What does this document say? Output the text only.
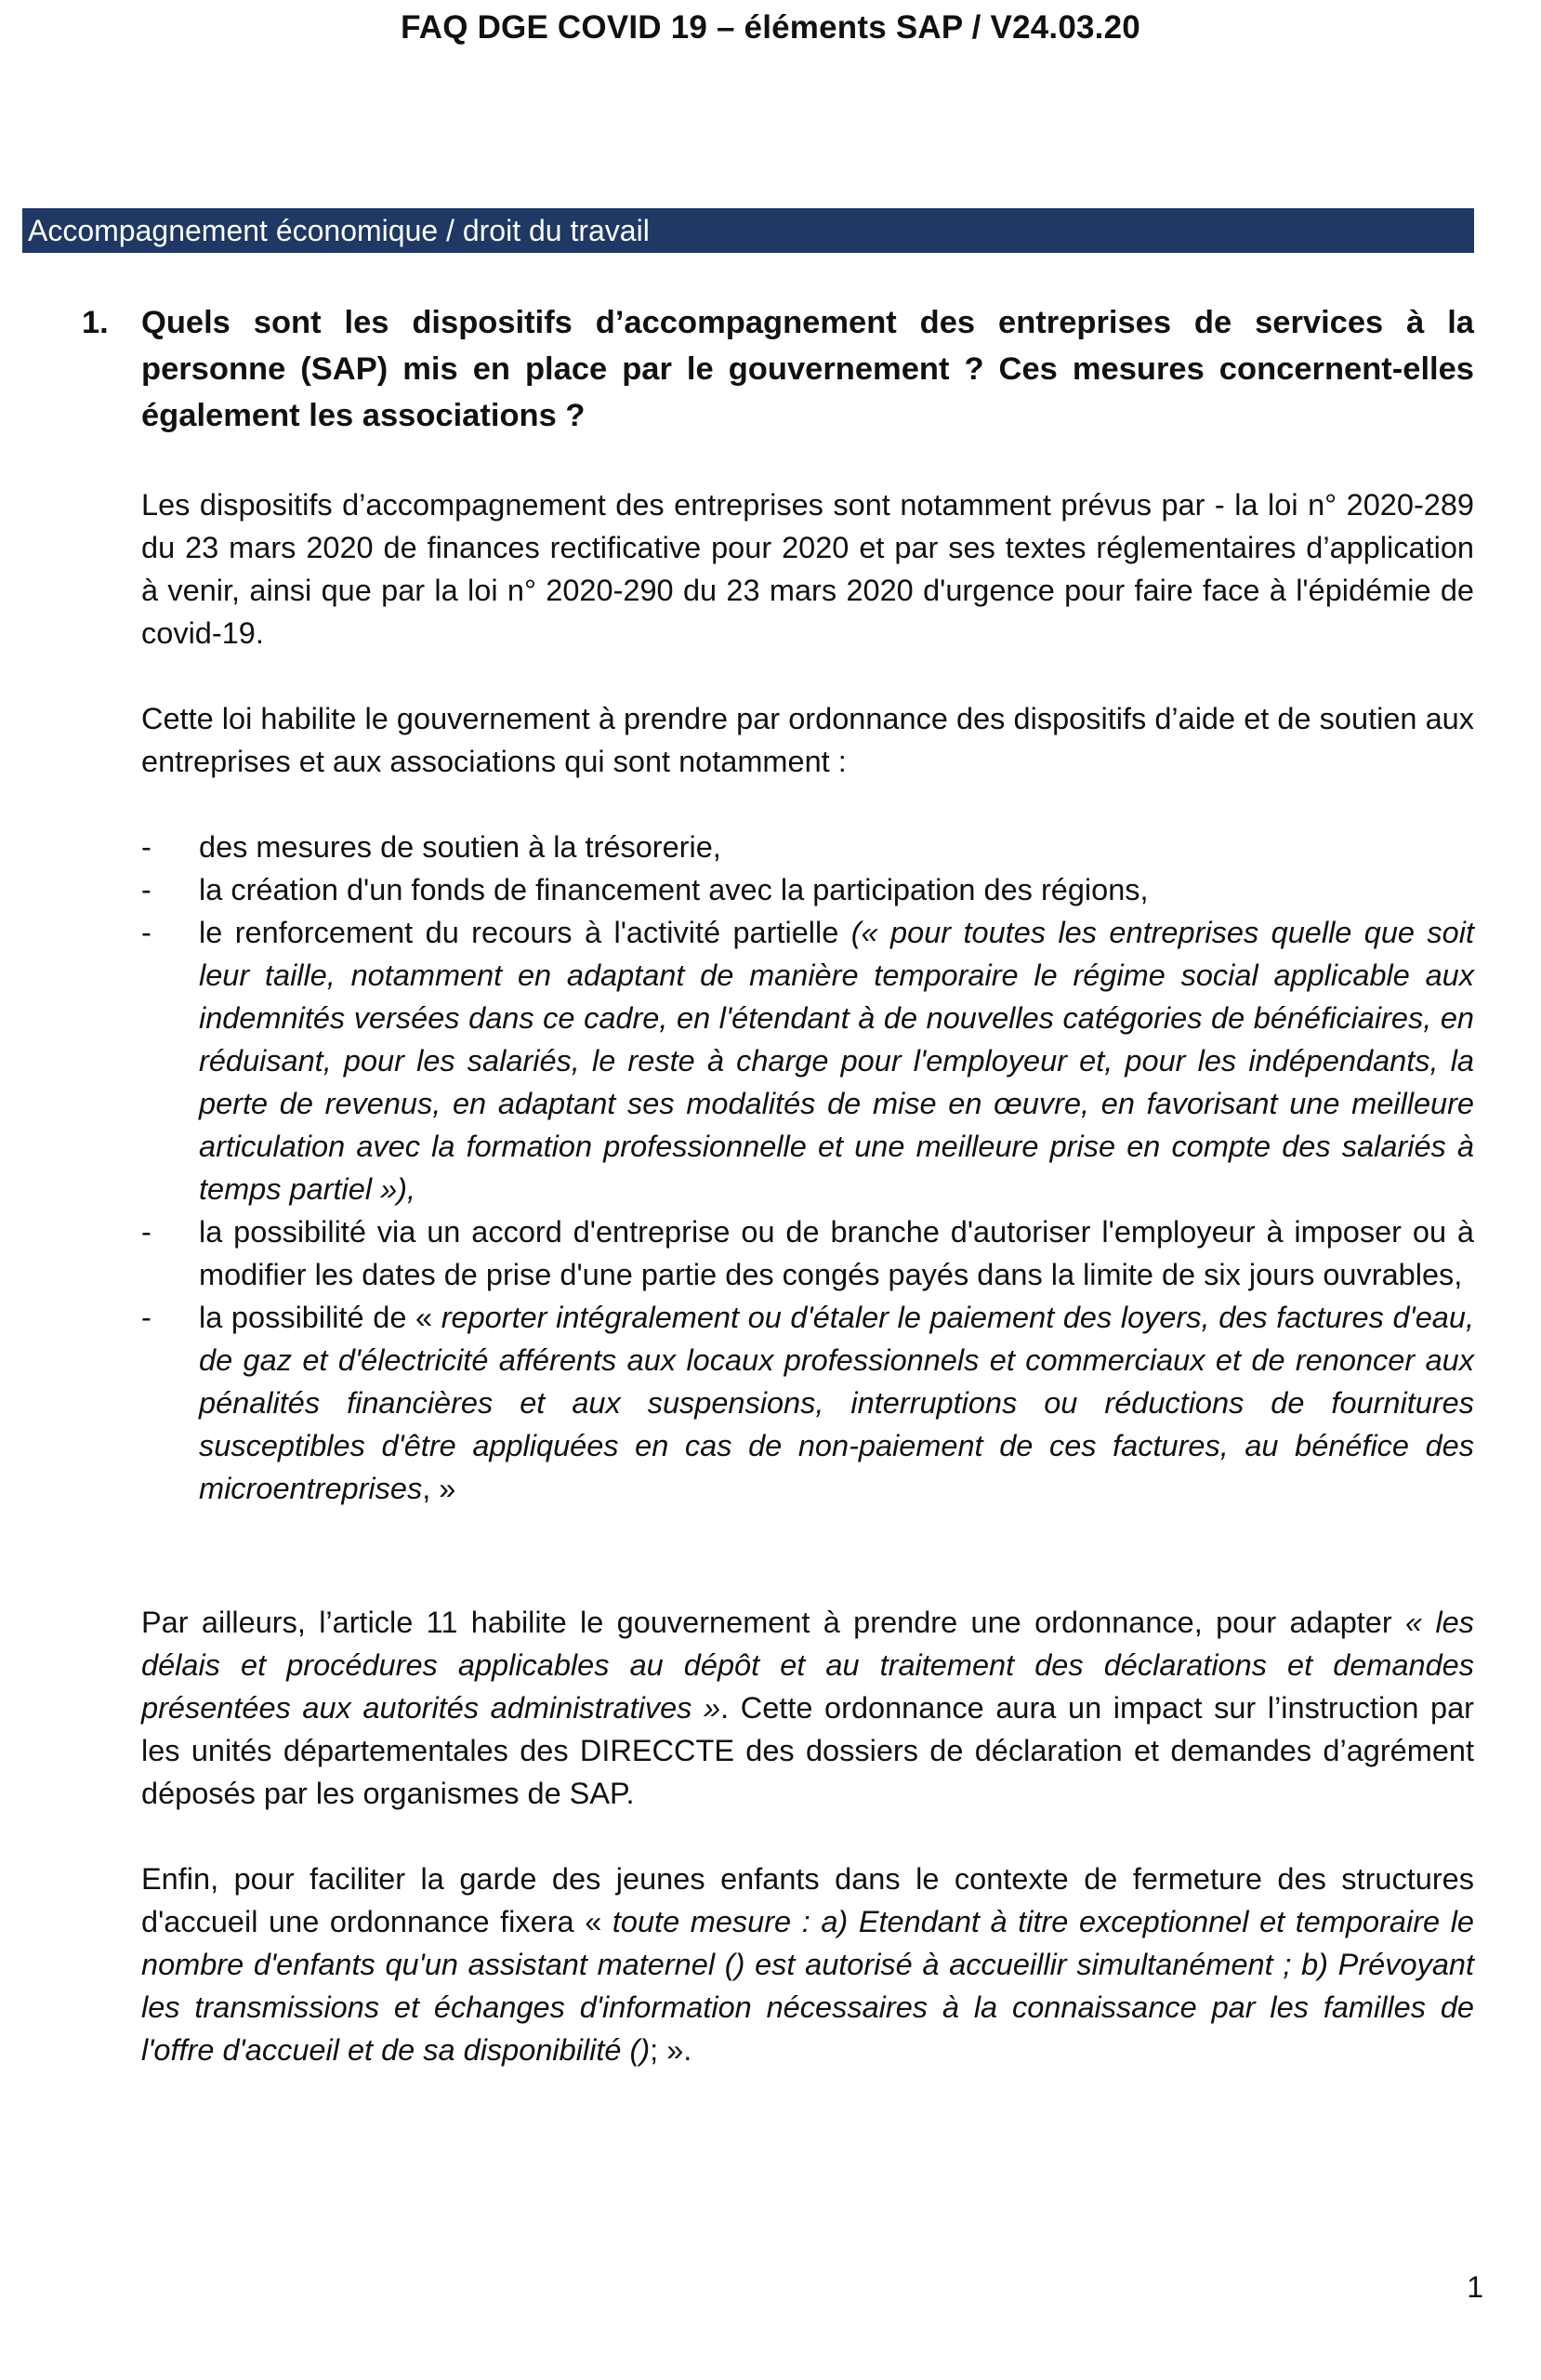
FAQ DGE COVID 19 – éléments SAP / V24.03.20
Accompagnement économique / droit du travail
1.	Quels sont les dispositifs d’accompagnement des entreprises de services à la personne (SAP) mis en place par le gouvernement ? Ces mesures concernent-elles également les associations ?

Les dispositifs d’accompagnement des entreprises sont notamment prévus par - la loi n° 2020-289 du 23 mars 2020 de finances rectificative pour 2020 et par ses textes réglementaires d’application à venir, ainsi que par la loi n° 2020-290 du 23 mars 2020 d'urgence pour faire face à l'épidémie de covid-19.

Cette loi habilite le gouvernement à prendre par ordonnance des dispositifs d’aide et de soutien aux entreprises et aux associations qui sont notamment :

-	des mesures de soutien à la trésorerie,
-	la création d'un fonds de financement avec la participation des régions,
-	le renforcement du recours à l'activité partielle (« pour toutes les entreprises quelle que soit leur taille, notamment en adaptant de manière temporaire le régime social applicable aux indemnités versées dans ce cadre, en l'étendant à de nouvelles catégories de bénéficiaires, en réduisant, pour les salariés, le reste à charge pour l'employeur et, pour les indépendants, la perte de revenus, en adaptant ses modalités de mise en œuvre, en favorisant une meilleure articulation avec la formation professionnelle et une meilleure prise en compte des salariés à temps partiel »),
-	la possibilité via un accord d'entreprise ou de branche d'autoriser l'employeur à imposer ou à modifier les dates de prise d'une partie des congés payés dans la limite de six jours ouvrables,
-	la possibilité de « reporter intégralement ou d'étaler le paiement des loyers, des factures d'eau, de gaz et d'électricité afférents aux locaux professionnels et commerciaux et de renoncer aux pénalités financières et aux suspensions, interruptions ou réductions de fournitures susceptibles d'être appliquées en cas de non-paiement de ces factures, au bénéfice des microentreprises, »

Par ailleurs, l’article 11 habilite le gouvernement à prendre une ordonnance, pour adapter « les délais et procédures applicables au dépôt et au traitement des déclarations et demandes présentées aux autorités administratives ». Cette ordonnance aura un impact sur l’instruction par les unités départementales des DIRECCTE des dossiers de déclaration et demandes d’agrément déposés par les organismes de SAP.

Enfin, pour faciliter la garde des jeunes enfants dans le contexte de fermeture des structures d'accueil une ordonnance fixera « toute mesure : a) Etendant à titre exceptionnel et temporaire le nombre d'enfants qu'un assistant maternel () est autorisé à accueillir simultanément ; b) Prévoyant les transmissions et échanges d'information nécessaires à la connaissance par les familles de l'offre d'accueil et de sa disponibilité (); ».

1
